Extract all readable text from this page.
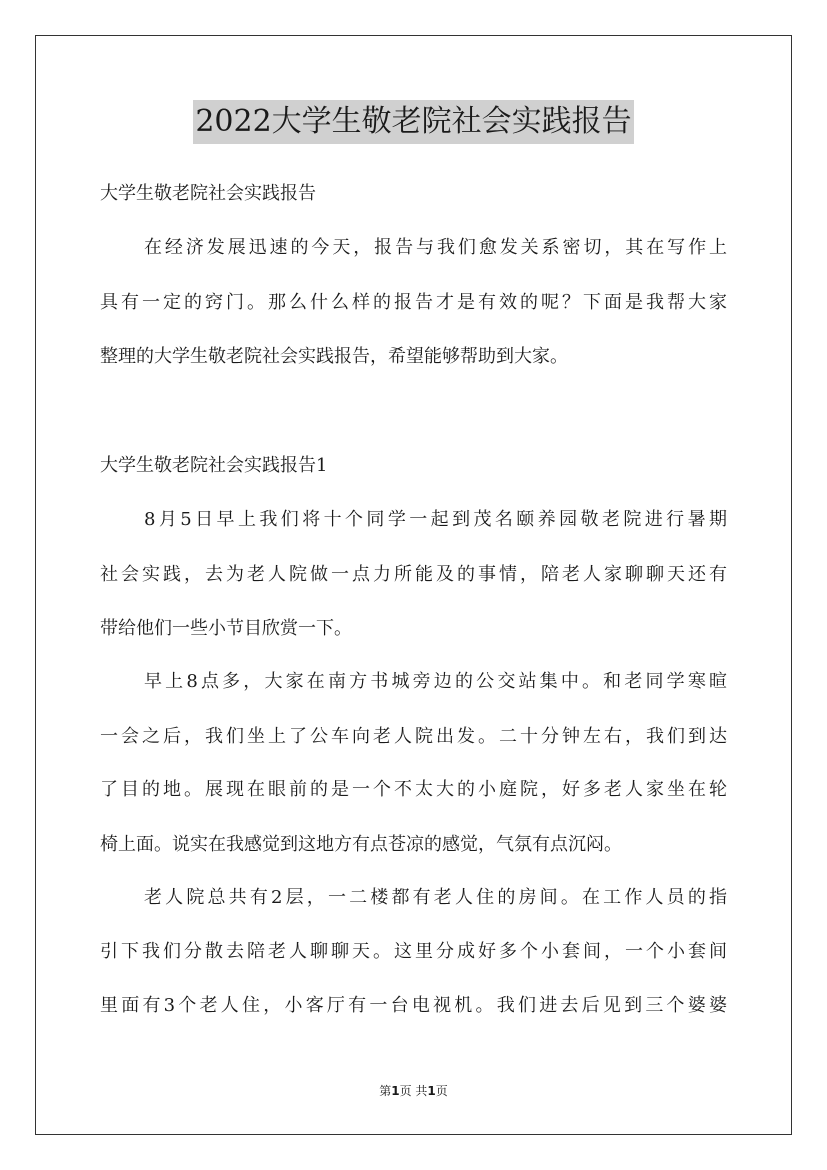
2022大学生敬老院社会实践报告
大学生敬老院社会实践报告
在经济发展迅速的今天，报告与我们愈发关系密切，其在写作上
具有一定的窍门。那么什么样的报告才是有效的呢？下面是我帮大家
整理的大学生敬老院社会实践报告，希望能够帮助到大家。
大学生敬老院社会实践报告1
8月5日早上我们将十个同学一起到茂名颐养园敬老院进行暑期
社会实践，去为老人院做一点力所能及的事情，陪老人家聊聊天还有
带给他们一些小节目欣赏一下。
早上8点多，大家在南方书城旁边的公交站集中。和老同学寒暄
一会之后，我们坐上了公车向老人院出发。二十分钟左右，我们到达
了目的地。展现在眼前的是一个不太大的小庭院，好多老人家坐在轮
椅上面。说实在我感觉到这地方有点苍凉的感觉，气氛有点沉闷。
老人院总共有2层，一二楼都有老人住的房间。在工作人员的指
引下我们分散去陪老人聊聊天。这里分成好多个小套间，一个小套间
里面有3个老人住，小客厅有一台电视机。我们进去后见到三个婆婆
第1页 共1页
